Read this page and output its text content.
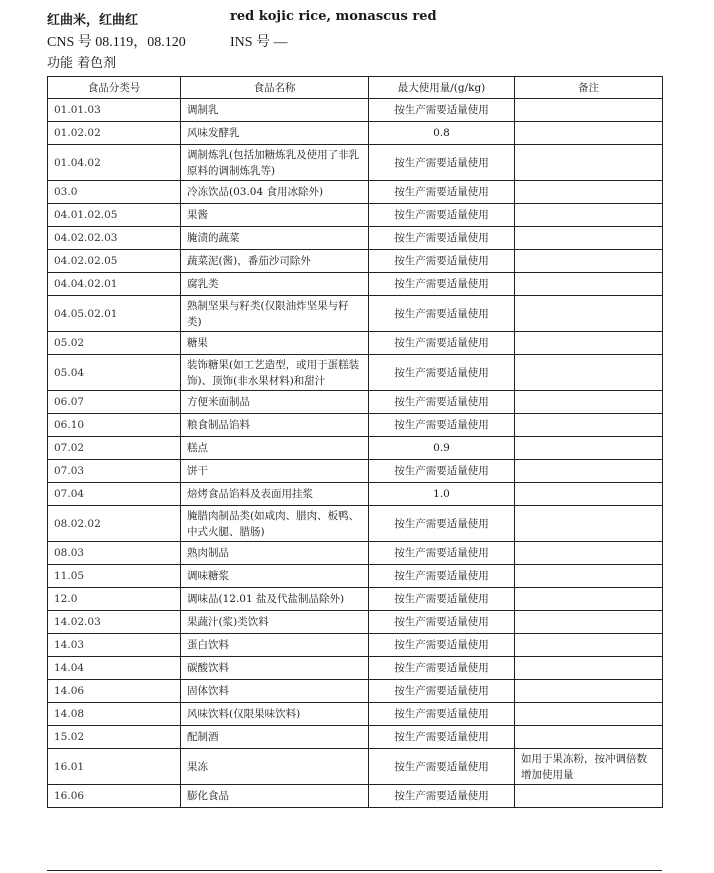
红曲米，红曲红	red kojic rice, monascus red
CNS 号 08.119，08.120	INS 号 —
功能 着色剂
食品分类号	食品名称	最大使用量/(g/kg)	备注
01.01.03	调制乳	按生产需要适量使用	
01.02.02	风味发酵乳	0.8	
01.04.02	调制炼乳(包括加糖炼乳及使用了非乳原料的调制炼乳等)	按生产需要适量使用	
03.0	冷冻饮品(03.04 食用冰除外)	按生产需要适量使用	
04.01.02.05	果酱	按生产需要适量使用	
04.02.02.03	腌渍的蔬菜	按生产需要适量使用	
04.02.02.05	蔬菜泥(酱)，番茄沙司除外	按生产需要适量使用	
04.04.02.01	腐乳类	按生产需要适量使用	
04.05.02.01	熟制坚果与籽类(仅限油炸坚果与籽类)	按生产需要适量使用	
05.02	糖果	按生产需要适量使用	
05.04	装饰糖果(如工艺造型，或用于蛋糕装饰)、顶饰(非水果材料)和甜汁	按生产需要适量使用	
06.07	方便米面制品	按生产需要适量使用	
06.10	粮食制品馅料	按生产需要适量使用	
07.02	糕点	0.9	
07.03	饼干	按生产需要适量使用	
07.04	焙烤食品馅料及表面用挂浆	1.0	
08.02.02	腌腊肉制品类(如咸肉、腊肉、板鸭、中式火腿、腊肠)	按生产需要适量使用	
08.03	熟肉制品	按生产需要适量使用	
11.05	调味糖浆	按生产需要适量使用	
12.0	调味品(12.01 盐及代盐制品除外)	按生产需要适量使用	
14.02.03	果蔬汁(浆)类饮料	按生产需要适量使用	
14.03	蛋白饮料	按生产需要适量使用	
14.04	碳酸饮料	按生产需要适量使用	
14.06	固体饮料	按生产需要适量使用	
14.08	风味饮料(仅限果味饮料)	按生产需要适量使用	
15.02	配制酒	按生产需要适量使用	
16.01	果冻	按生产需要适量使用	如用于果冻粉，按冲调倍数增加使用量
16.06	膨化食品	按生产需要适量使用	
